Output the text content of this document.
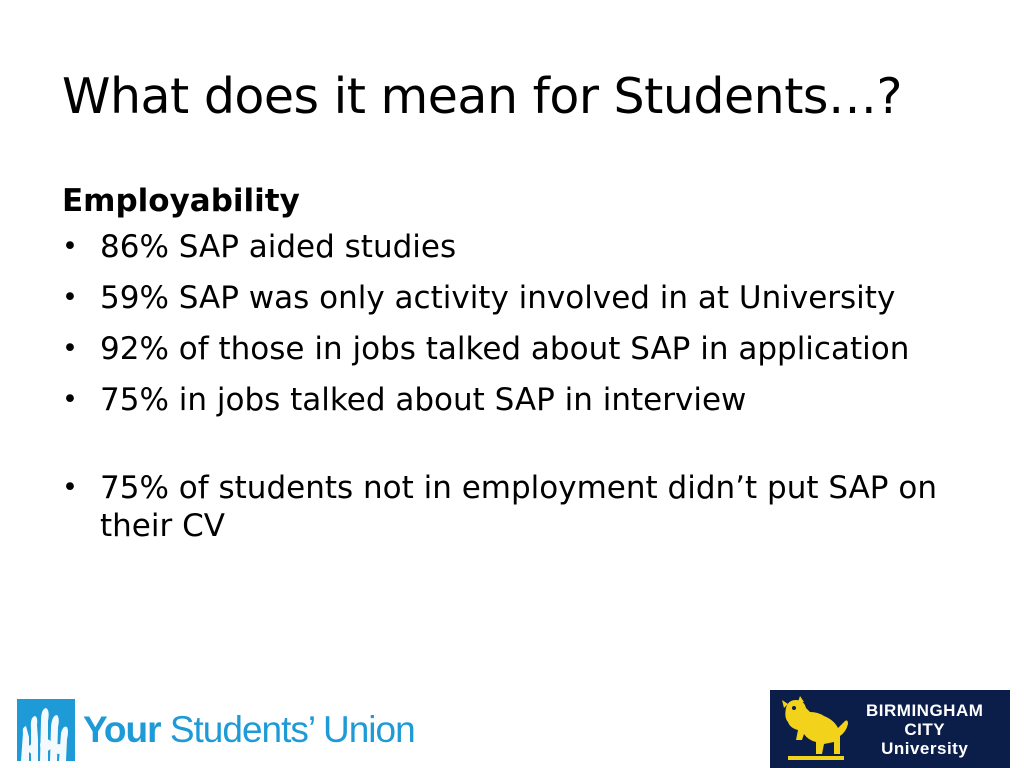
What does it mean for Students…?
Employability
• 86% SAP aided studies
• 59% SAP was only activity involved in at University
• 92% of those in jobs talked about SAP in application
• 75% in jobs talked about SAP in interview
• 75% of students not in employment didn’t put SAP on their CV
Your Students’ Union	BIRMINGHAM
CITY
University
